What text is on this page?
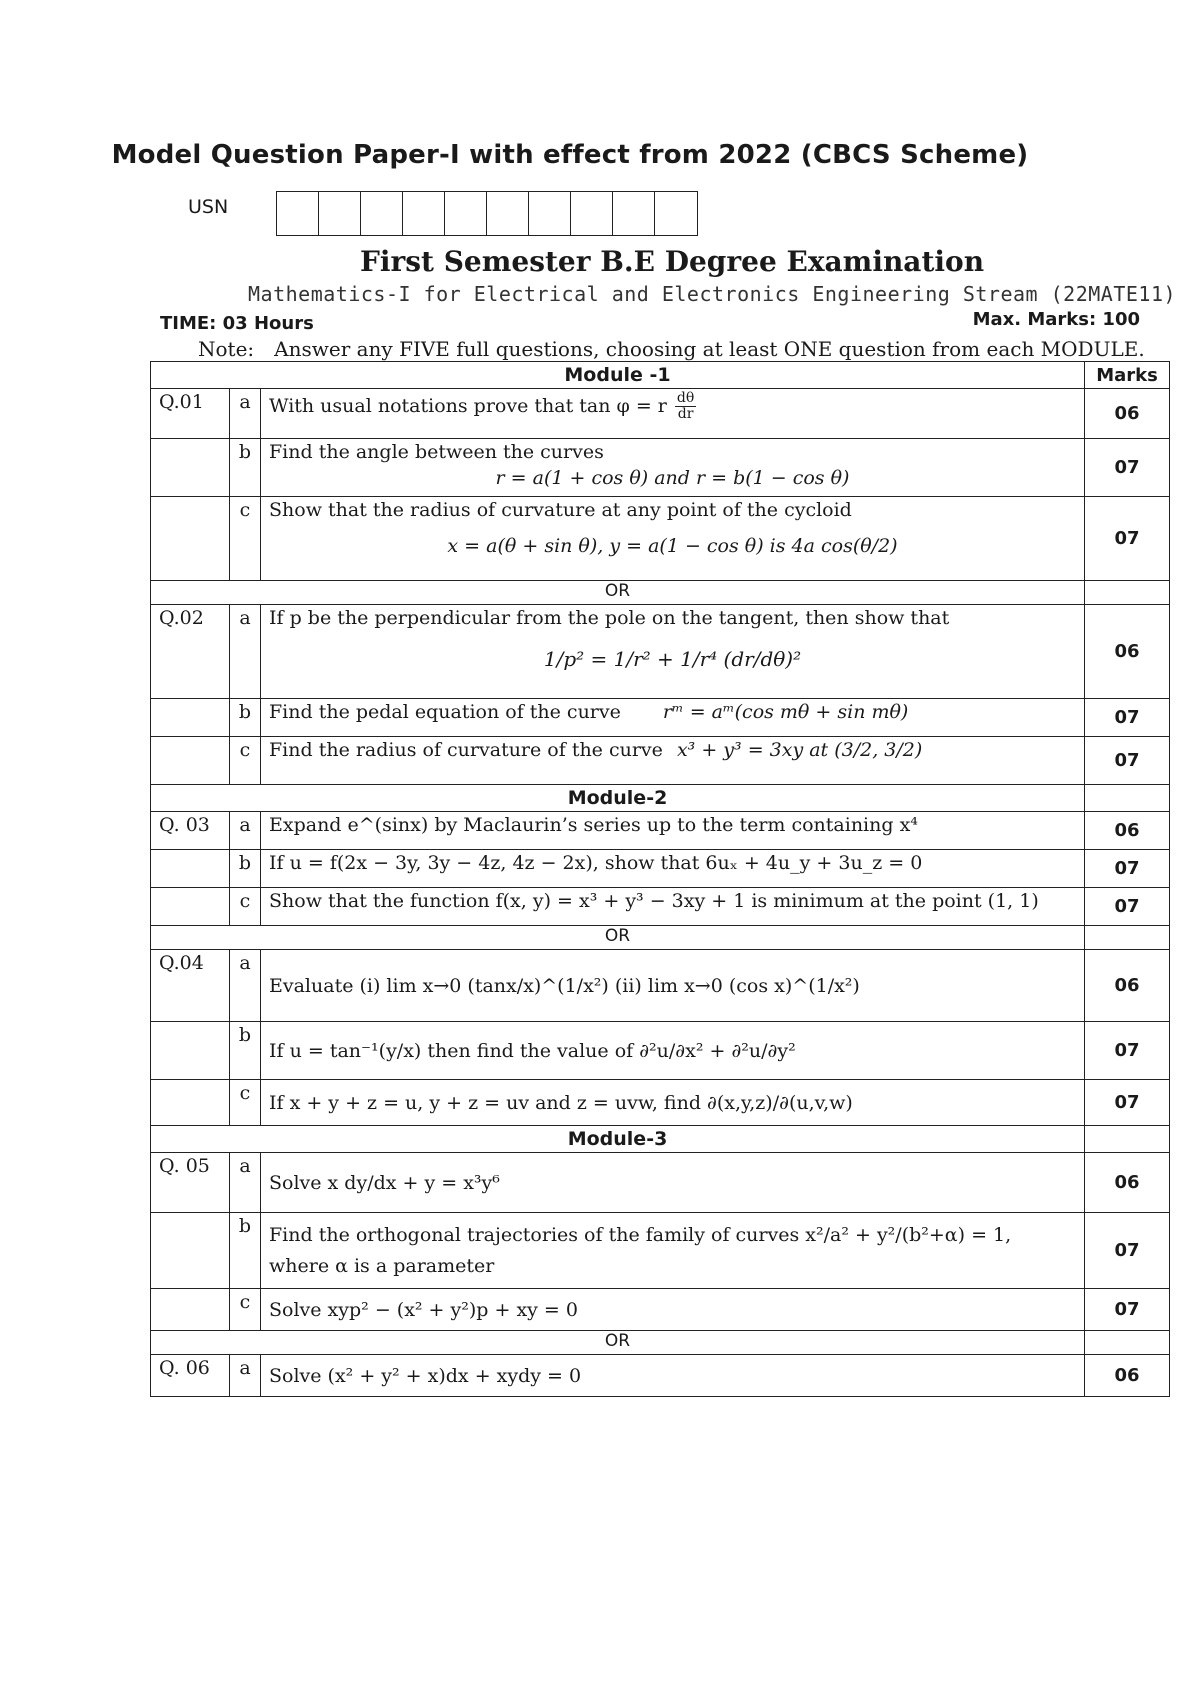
Model Question Paper-I with effect from 2022 (CBCS Scheme)
USN
First Semester B.E Degree Examination
Mathematics-I for Electrical and Electronics Engineering Stream (22MATE11)
TIME: 03 Hours	Max. Marks: 100
Note: Answer any FIVE full questions, choosing at least ONE question from each MODULE.
Module -1			Marks
Q.01	a	With usual notations prove that tan φ = r $\frac{d\theta}{dr}$	06
	b	Find the angle between the curves
r = a(1 + cos θ) and r = b(1 − cos θ)	07
	c	Show that the radius of curvature at any point of the cycloid
x = a(θ + sin θ), y = a(1 − cos θ) is 4a cos(θ/2)	07
OR			
Q.02	a	If p be the perpendicular from the pole on the tangent, then show that
1/p² = 1/r² + 1/r⁴ (dr/dθ)²	06
	b	Find the pedal equation of the curve rᵐ = aᵐ(cos mθ + sin mθ)	07
	c	Find the radius of curvature of the curve x³ + y³ = 3xy at (3/2, 3/2)	07
Module-2			
Q. 03	a	Expand e^(sinx) by Maclaurin’s series up to the term containing x⁴	06
	b	If u = f(2x − 3y, 3y − 4z, 4z − 2x), show that 6uₓ + 4u_y + 3u_z = 0	07
	c	Show that the function f(x, y) = x³ + y³ − 3xy + 1 is minimum at the point (1, 1)	07
OR			
Q.04	a	Evaluate (i) lim x→0 (tanx/x)^(1/x²) (ii) lim x→0 (cos x)^(1/x²)	06
	b	If u = tan⁻¹(y/x) then find the value of ∂²u/∂x² + ∂²u/∂y²	07
	c	If x + y + z = u, y + z = uv and z = uvw, find ∂(x,y,z)/∂(u,v,w)	07
Module-3			
Q. 05	a	Solve x dy/dx + y = x³y⁶	06
	b	Find the orthogonal trajectories of the family of curves x²/a² + y²/(b²+α) = 1, where α is a parameter	07
	c	Solve xyp² − (x² + y²)p + xy = 0	07
OR			
Q. 06	a	Solve (x² + y² + x)dx + xydy = 0	06
